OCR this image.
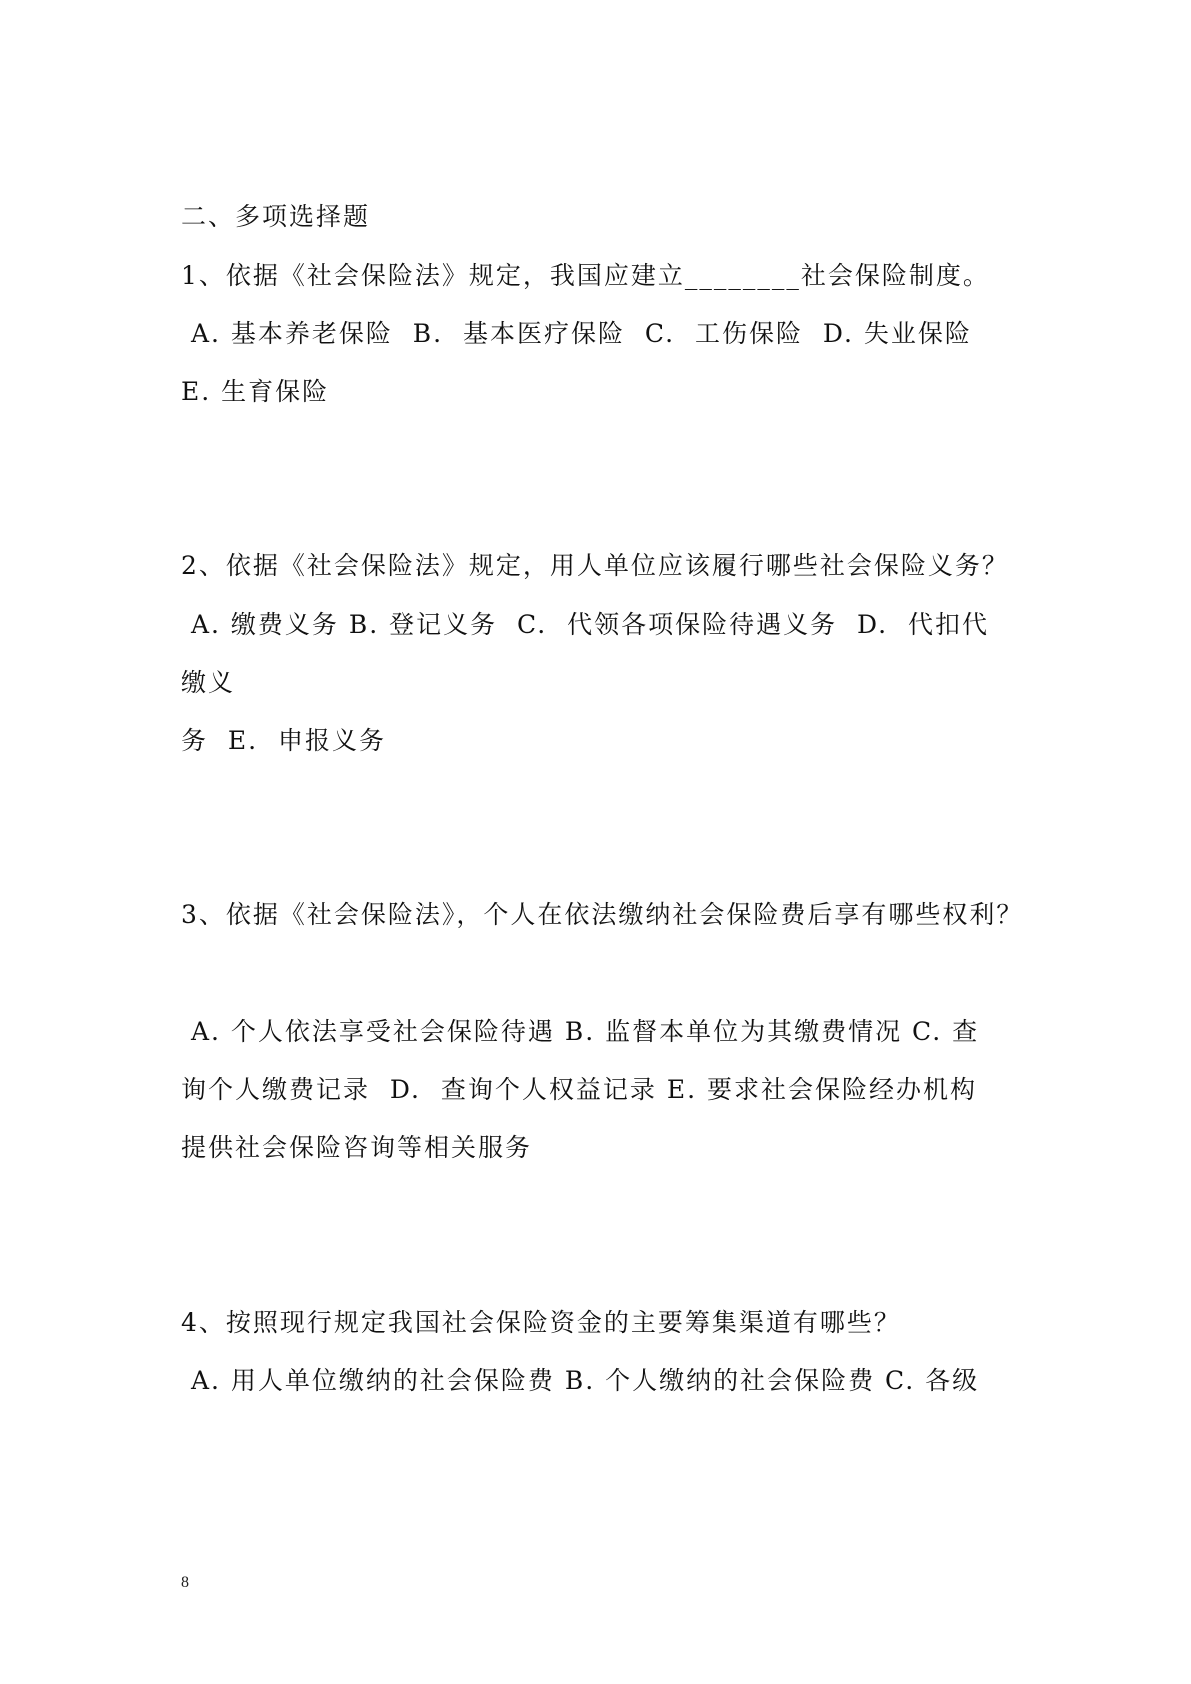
二、多项选择题
1、依据《社会保险法》规定，我国应建立________社会保险制度。
A. 基本养老保险  B.  基本医疗保险  C.  工伤保险  D. 失业保险
E. 生育保险
2、依据《社会保险法》规定，用人单位应该履行哪些社会保险义务？
A. 缴费义务 B. 登记义务  C.  代领各项保险待遇义务  D.  代扣代
缴义
务  E.  申报义务
3、依据《社会保险法》，个人在依法缴纳社会保险费后享有哪些权利？
A. 个人依法享受社会保险待遇 B. 监督本单位为其缴费情况 C. 查
询个人缴费记录  D.  查询个人权益记录 E. 要求社会保险经办机构
提供社会保险咨询等相关服务
4、按照现行规定我国社会保险资金的主要筹集渠道有哪些？
A. 用人单位缴纳的社会保险费 B. 个人缴纳的社会保险费 C. 各级
8
